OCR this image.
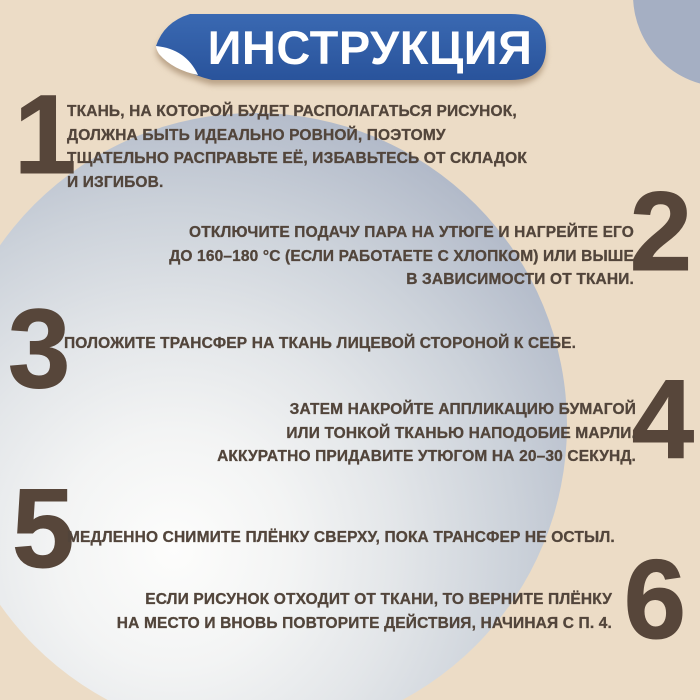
ИНСТРУКЦИЯ
1
ТКАНЬ, НА КОТОРОЙ БУДЕТ РАСПОЛАГАТЬСЯ РИСУНОК,
ДОЛЖНА БЫТЬ ИДЕАЛЬНО РОВНОЙ, ПОЭТОМУ
ТЩАТЕЛЬНО РАСПРАВЬТЕ ЕЁ, ИЗБАВЬТЕСЬ ОТ СКЛАДОК
И ИЗГИБОВ.	2
ОТКЛЮЧИТЕ ПОДАЧУ ПАРА НА УТЮГЕ И НАГРЕЙТЕ ЕГО
ДО 160–180 °С (ЕСЛИ РАБОТАЕТЕ С ХЛОПКОМ) ИЛИ ВЫШЕ
В ЗАВИСИМОСТИ ОТ ТКАНИ.
3
ПОЛОЖИТЕ ТРАНСФЕР НА ТКАНЬ ЛИЦЕВОЙ СТОРОНОЙ К СЕБЕ.
4
ЗАТЕМ НАКРОЙТЕ АППЛИКАЦИЮ БУМАГОЙ
ИЛИ ТОНКОЙ ТКАНЬЮ НАПОДОБИЕ МАРЛИ.
АККУРАТНО ПРИДАВИТЕ УТЮГОМ НА 20–30 СЕКУНД.
5
МЕДЛЕННО СНИМИТЕ ПЛЁНКУ СВЕРХУ, ПОКА ТРАНСФЕР НЕ ОСТЫЛ. 6
ЕСЛИ РИСУНОК ОТХОДИТ ОТ ТКАНИ, ТО ВЕРНИТЕ ПЛЁНКУ
НА МЕСТО И ВНОВЬ ПОВТОРИТЕ ДЕЙСТВИЯ, НАЧИНАЯ С П. 4.
